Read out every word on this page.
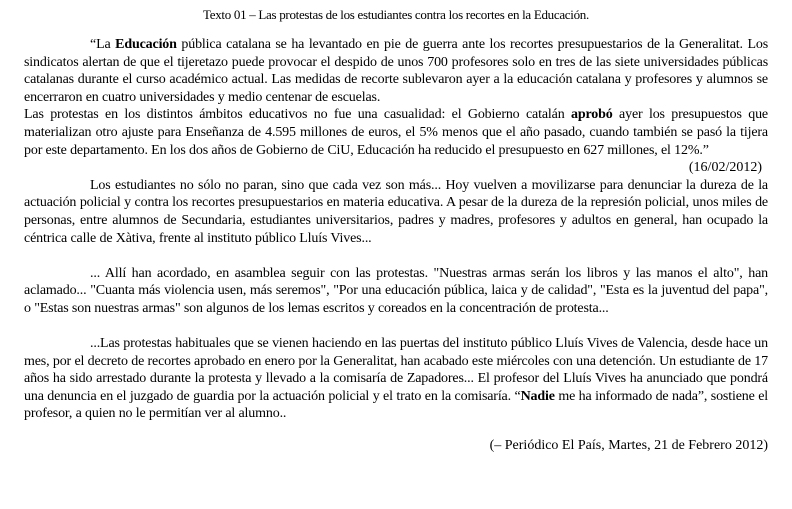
Texto 01 – Las protestas de los estudiantes contra los recortes en la Educación.

“La Educación pública catalana se ha levantado en pie de guerra ante los recortes presupuestarios de la Generalitat. Los sindicatos alertan de que el tijeretazo puede provocar el despido de unos 700 profesores solo en tres de las siete universidades públicas catalanas durante el curso académico actual. Las medidas de recorte sublevaron ayer a la educación catalana y profesores y alumnos se encerraron en cuatro universidades y medio centenar de escuelas.

Las protestas en los distintos ámbitos educativos no fue una casualidad: el Gobierno catalán aprobó ayer los presupuestos que materializan otro ajuste para Enseñanza de 4.595 millones de euros, el 5% menos que el año pasado, cuando también se pasó la tijera por este departamento. En los dos años de Gobierno de CiU, Educación ha reducido el presupuesto en 627 millones, el 12%.”

(16/02/2012)

Los estudiantes no sólo no paran, sino que cada vez son más... Hoy vuelven a movilizarse para denunciar la dureza de la actuación policial y contra los recortes presupuestarios en materia educativa. A pesar de la dureza de la represión policial, unos miles de personas, entre alumnos de Secundaria, estudiantes universitarios, padres y madres, profesores y adultos en general, han ocupado la céntrica calle de Xàtiva, frente al instituto público Lluís Vives...

... Allí han acordado, en asamblea seguir con las protestas. "Nuestras armas serán los libros y las manos el alto", han aclamado... "Cuanta más violencia usen, más seremos", "Por una educación pública, laica y de calidad", "Esta es la juventud del papa", o "Estas son nuestras armas" son algunos de los lemas escritos y coreados en la concentración de protesta...

...Las protestas habituales que se vienen haciendo en las puertas del instituto público Lluís Vives de Valencia, desde hace un mes, por el decreto de recortes aprobado en enero por la Generalitat, han acabado este miércoles con una detención. Un estudiante de 17 años ha sido arrestado durante la protesta y llevado a la comisaría de Zapadores... El profesor del Lluís Vives ha anunciado que pondrá una denuncia en el juzgado de guardia por la actuación policial y el trato en la comisaría. “Nadie me ha informado de nada”, sostiene el profesor, a quien no le permitían ver al alumno..

(– Periódico El País, Martes, 21 de Febrero 2012)
